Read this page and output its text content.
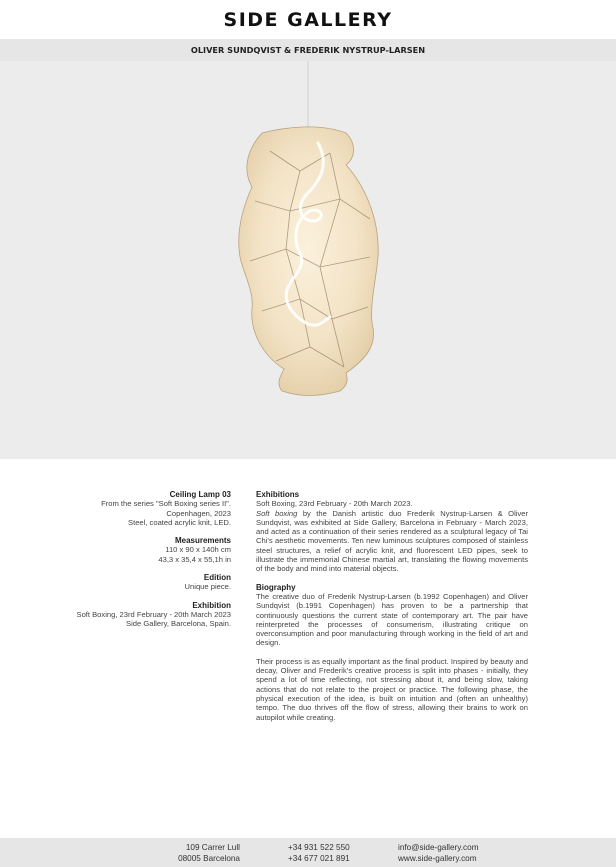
SIDE GALLERY
OLIVER SUNDQVIST & FREDERIK NYSTRUP-LARSEN
Ceiling Lamp 03
From the series "Soft Boxing series II".
Copenhagen, 2023
Steel, coated acrylic knit, LED.
Measurements
110 x 90 x 140h cm
43,3 x 35,4 x 55,1h in
Edition
Unique piece.
Exhibition
Soft Boxing, 23rd February - 20th March 2023
Side Gallery, Barcelona, Spain.
Exhibitions
Soft Boxing, 23rd February - 20th March 2023.

Soft boxing by the Danish artistic duo Frederik Nystrup-Larsen & Oliver Sundqvist, was exhibited at Side Gallery, Barcelona in February - March 2023, and acted as a continuation of their series rendered as a sculptural legacy of Tai Chi's aesthetic movements. Ten new luminous sculptures composed of stainless steel structures, a relief of acrylic knit, and fluorescent LED pipes, seek to illustrate the immemorial Chinese martial art, translating the flowing movements of the body and mind into material objects.

Biography

The creative duo of Frederik Nystrup-Larsen (b.1992 Copenhagen) and Oliver Sundqvist (b.1991 Copenhagen) has proven to be a partnership that continuously questions the current state of contemporary art. The pair have reinterpreted the processes of consumerism, illustrating critique on overconsumption and poor manufacturing through working in the field of art and design.

Their process is as equally important as the final product. Inspired by beauty and decay, Oliver and Frederik's creative process is split into phases - initially, they spend a lot of time reflecting, not stressing about it, and being slow, taking actions that do not relate to the project or practice. The following phase, the physical execution of the idea, is built on intuition and (often an unhealthy) tempo. The duo thrives off the flow of stress, allowing their brains to work on autopilot while creating.

109 Carrer Lull
08005 Barcelona
+34 931 522 550
+34 677 021 891
info@side-gallery.com
www.side-gallery.com
